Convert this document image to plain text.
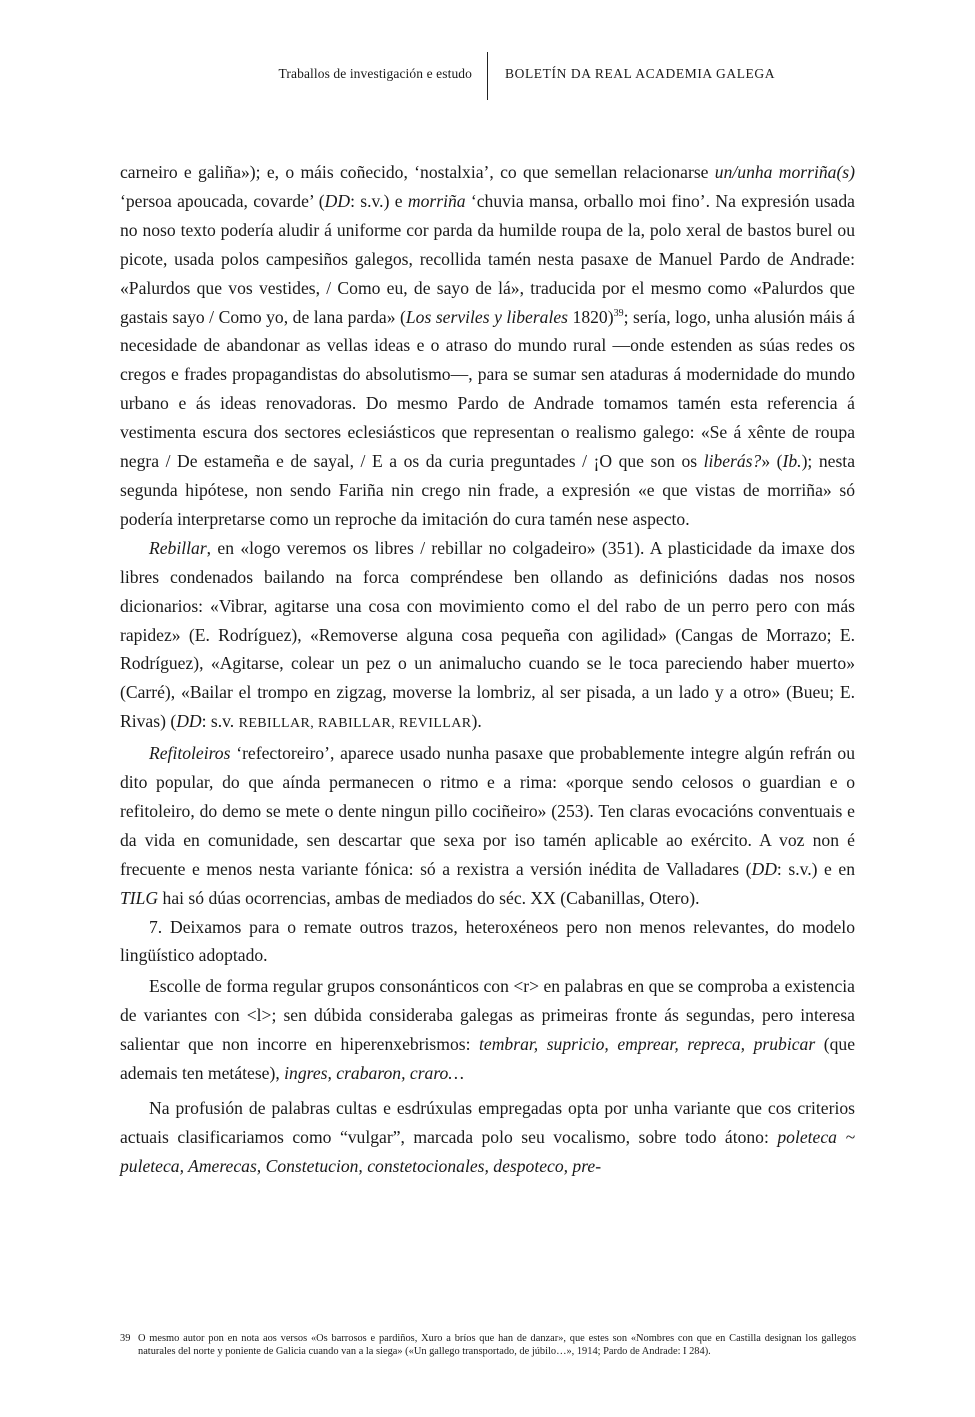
Traballos de investigación e estudo BOLETÍN DA REAL ACADEMIA GALEGA

carneiro e galiña»); e, o máis coñecido, ‘nostalxia’, co que semellan relacionarse un/unha morriña(s) ‘persoa apoucada, covarde’ (DD: s.v.) e morriña ‘chuvia mansa, orballo moi fino’. Na expresión usada no noso texto podería aludir á uniforme cor parda da humilde roupa de la, polo xeral de bastos burel ou picote, usada polos campesiños galegos, recollida tamén nesta pasaxe de Manuel Pardo de Andrade: «Palurdos que vos vestides, / Como eu, de sayo de lá», traducida por el mesmo como «Palurdos que gastais sayo / Como yo, de lana parda» (Los serviles y liberales 1820)$^{39}$; sería, logo, unha alusión máis á necesidade de abandonar as vellas ideas e o atraso do mundo rural —onde estenden as súas redes os cregos e frades propagandistas do absolutismo—, para se sumar sen ataduras á modernidade do mundo urbano e ás ideas renovadoras. Do mesmo Pardo de Andrade tomamos tamén esta referencia á vestimenta escura dos sectores eclesiásticos que representan o realismo galego: «Se á xênte de roupa negra / De estameña e de sayal, / E a os da curia preguntades / ¡O que son os liberás?» (Ib.); nesta segunda hipótese, non sendo Fariña nin crego nin frade, a expresión «e que vistas de morriña» só podería interpretarse como un reproche da imitación do cura tamén nese aspecto.

Rebillar, en «logo veremos os libres / rebillar no colgadeiro» (351). A plasticidade da imaxe dos libres condenados bailando na forca compréndese ben ollando as definicións dadas nos nosos dicionarios: «Vibrar, agitarse una cosa con movimiento como el del rabo de un perro pero con más rapidez» (E. Rodríguez), «Removerse alguna cosa pequeña con agilidad» (Cangas de Morrazo; E. Rodríguez), «Agitarse, colear un pez o un animalucho cuando se le toca pareciendo haber muerto» (Carré), «Bailar el trompo en zigzag, moverse la lombriz, al ser pisada, a un lado y a otro» (Bueu; E. Rivas) (DD: s.v. REBILLAR, RABILLAR, REVILLAR).

Refitoleiros ‘refectoreiro’, aparece usado nunha pasaxe que probablemente integre algún refrán ou dito popular, do que aínda permanecen o ritmo e a rima: «porque sendo celosos o guardian e o refitoleiro, do demo se mete o dente ningun pillo cociñeiro» (253). Ten claras evocacións conventuais e da vida en comunidade, sen descartar que sexa por iso tamén aplicable ao exército. A voz non é frecuente e menos nesta variante fónica: só a rexistra a versión inédita de Valladares (DD: s.v.) e en TILG hai só dúas ocorrencias, ambas de mediados do séc. XX (Cabanillas, Otero).

7. Deixamos para o remate outros trazos, heteroxéneos pero non menos relevantes, do modelo lingüístico adoptado.

Escolle de forma regular grupos consonánticos con <r> en palabras en que se comproba a existencia de variantes con <l>; sen dúbida consideraba galegas as primeiras fronte ás segundas, pero interesa salientar que non incorre en hiperenxebrismos: tembrar, supricio, emprear, repreca, prubicar (que ademais ten metátese), ingres, crabaron, craro…

Na profusión de palabras cultas e esdrúxulas empregadas opta por unha variante que cos criterios actuais clasificariamos como “vulgar”, marcada polo seu vocalismo, sobre todo átono: poleteca ~ puleteca, Amerecas, Constetucion, constetocionales, despoteco, pre-

39 O mesmo autor pon en nota aos versos «Os barrosos e pardiños, Xuro a bríos que han de danzar», que estes son «Nombres con que en Castilla designan los gallegos naturales del norte y poniente de Galicia cuando van a la siega» («Un gallego transportado, de júbilo…», 1914; Pardo de Andrade: I 284).
